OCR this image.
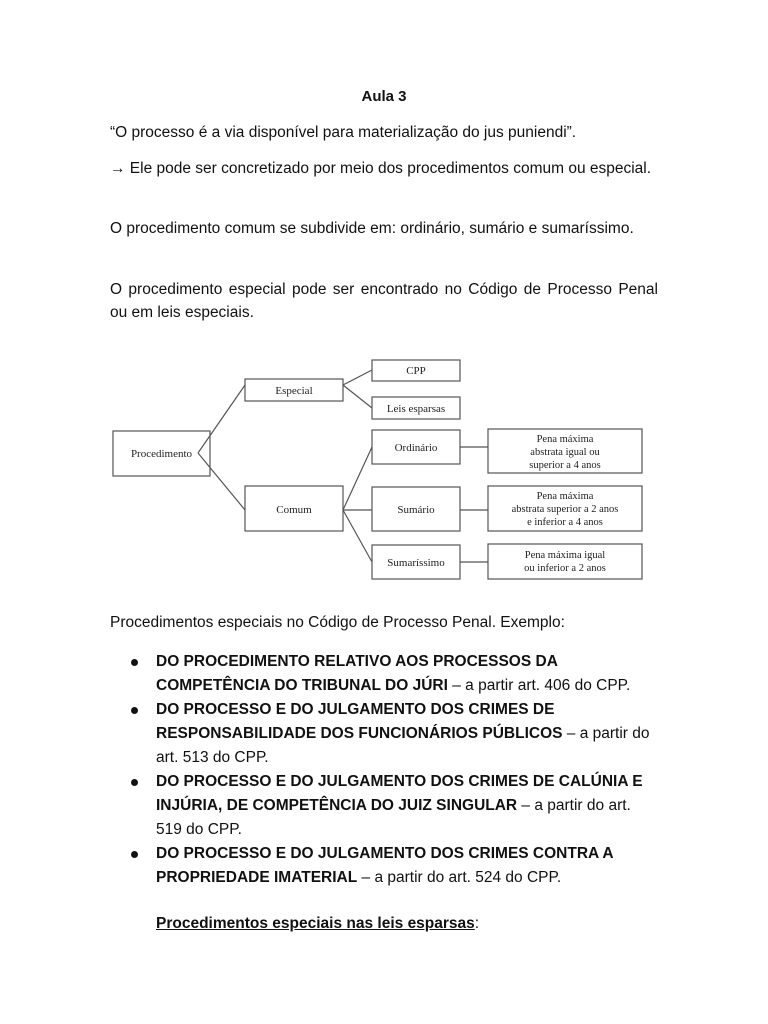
Aula 3
“O processo é a via disponível para materialização do jus puniendi”.
→ Ele pode ser concretizado por meio dos procedimentos comum ou especial.
O procedimento comum se subdivide em: ordinário, sumário e sumaríssimo.
O procedimento especial pode ser encontrado no Código de Processo Penal ou em leis especiais.
Procedimento
Especial
CPP
Leis esparsas
Comum
Ordinário
Sumário
Sumaríssimo
Pena máxima
abstrata igual ou
superior a 4 anos
Pena máxima
abstrata superior a 2 anos
e inferior a 4 anos
Pena máxima igual
ou inferior a 2 anos
Procedimentos especiais no Código de Processo Penal. Exemplo:
DO PROCEDIMENTO RELATIVO AOS PROCESSOS DA COMPETÊNCIA DO TRIBUNAL DO JÚRI – a partir art. 406 do CPP.
DO PROCESSO E DO JULGAMENTO DOS CRIMES DE RESPONSABILIDADE DOS FUNCIONÁRIOS PÚBLICOS – a partir do art. 513 do CPP.
DO PROCESSO E DO JULGAMENTO DOS CRIMES DE CALÚNIA E INJÚRIA, DE COMPETÊNCIA DO JUIZ SINGULAR – a partir do art. 519 do CPP.
DO PROCESSO E DO JULGAMENTO DOS CRIMES CONTRA A PROPRIEDADE IMATERIAL – a partir do art. 524 do CPP.
Procedimentos especiais nas leis esparsas:
